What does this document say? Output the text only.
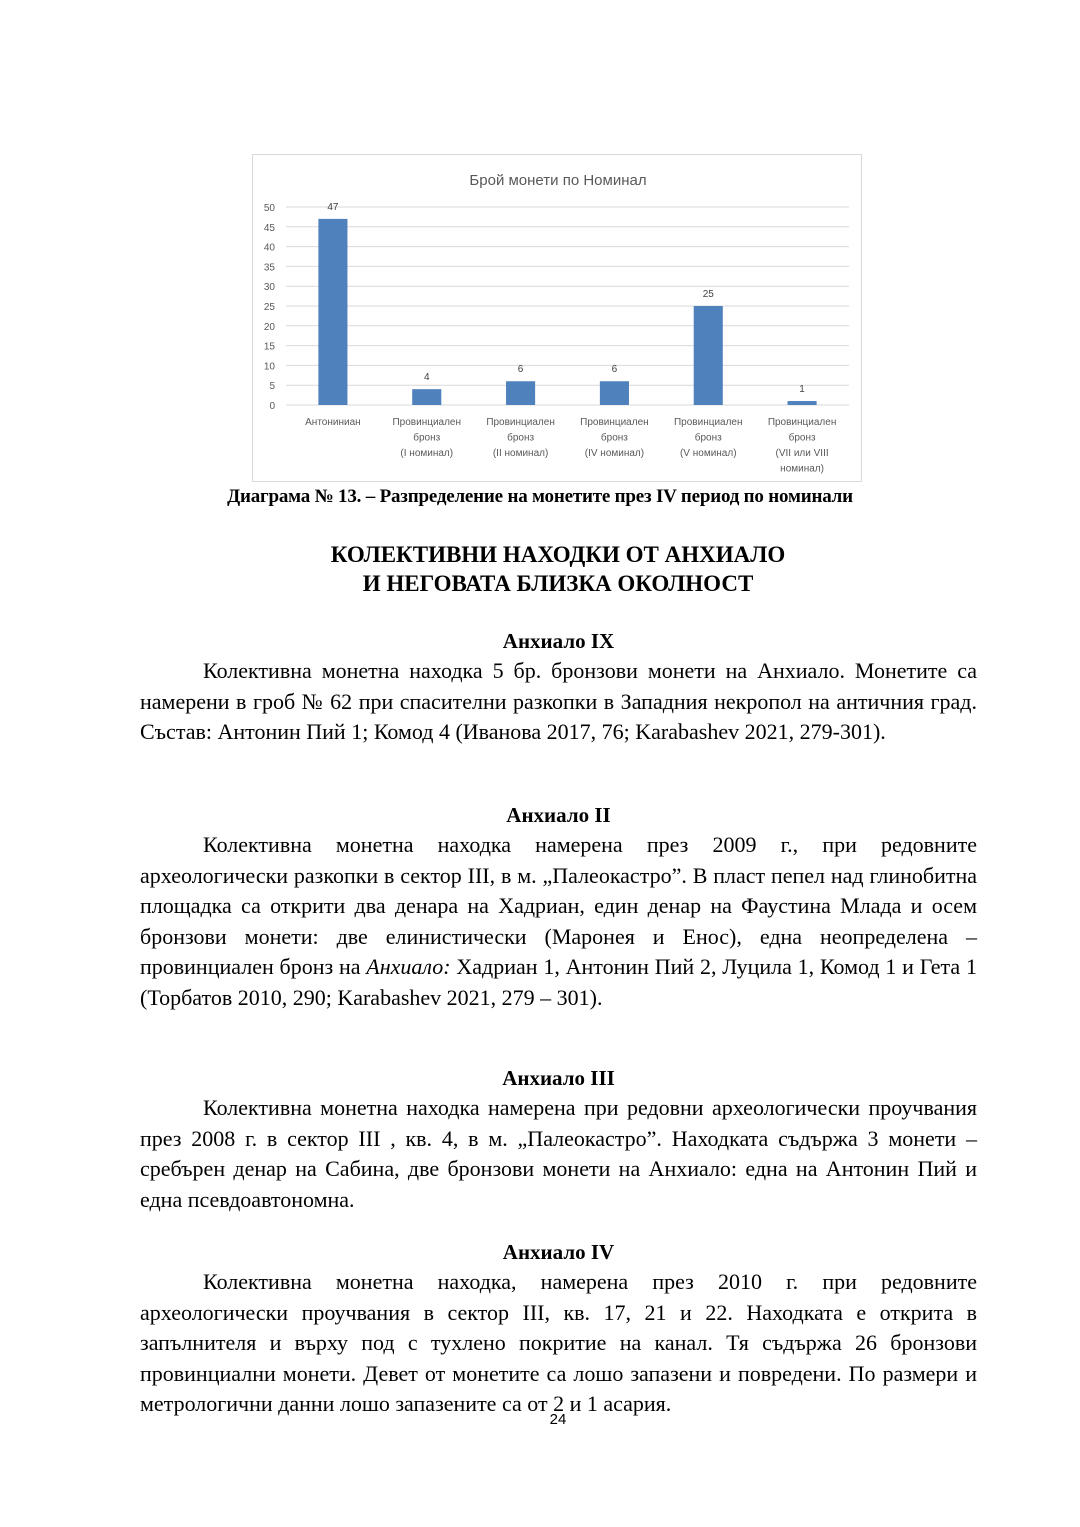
Брой монети по Номинал
0
5
10
15
20
25
30
35
40
45
50	47
4
6	6
25
1
Антониниан	Провинциален бронз (I номинал)
Провинциален бронз (II номинал)
Провинциален бронз (IV номинал)
Провинциален бронз (V номинал)
Провинциален бронз (VII или VIII номинал)
Диаграма № 13. – Разпределение на монетите през IV период по номинали
КОЛЕКТИВНИ НАХОДКИ ОТ АНХИАЛО
И НЕГОВАТА БЛИЗКА ОКОЛНОСТ
Анхиало IX

Колективна монетна находка 5 бр. бронзови монети на Анхиало. Монетите са намерени в гроб № 62 при спасителни разкопки в Западния некропол на античния град. Състав: Антонин Пий 1; Комод 4 (Иванова 2017, 76; Karabashev 2021, 279-301).

Анхиало II

Колективна монетна находка намерена през 2009 г., при редовните археологически разкопки в сектор III, в м. „Палеокастро”. В пласт пепел над глинобитна площадка са открити два денара на Хадриан, един денар на Фаустина Млада и осем бронзови монети: две елинистически (Маронея и Енос), една неопределена – провинциален бронз на Анхиало: Хадриан 1, Антонин Пий 2, Луцила 1, Комод 1 и Гета 1 (Торбатов 2010, 290; Karabashev 2021, 279 – 301).

Анхиало III

Колективна монетна находка намерена при редовни археологически проучвания през 2008 г. в сектор III , кв. 4, в м. „Палеокастро”. Находката съдържа 3 монети – сребърен денар на Сабина, две бронзови монети на Анхиало: една на Антонин Пий и една псевдоавтономна.

Анхиало IV

Колективна монетна находка, намерена през 2010 г. при редовните археологически проучвания в сектор III, кв. 17, 21 и 22. Находката е открита в запълнителя и върху под с тухлено покритие на канал. Тя съдържа 26 бронзови провинциални монети. Девет от монетите са лошо запазени и повредени. По размери и метрологични данни лошо запазените са от 2 и 1 асария.

24
